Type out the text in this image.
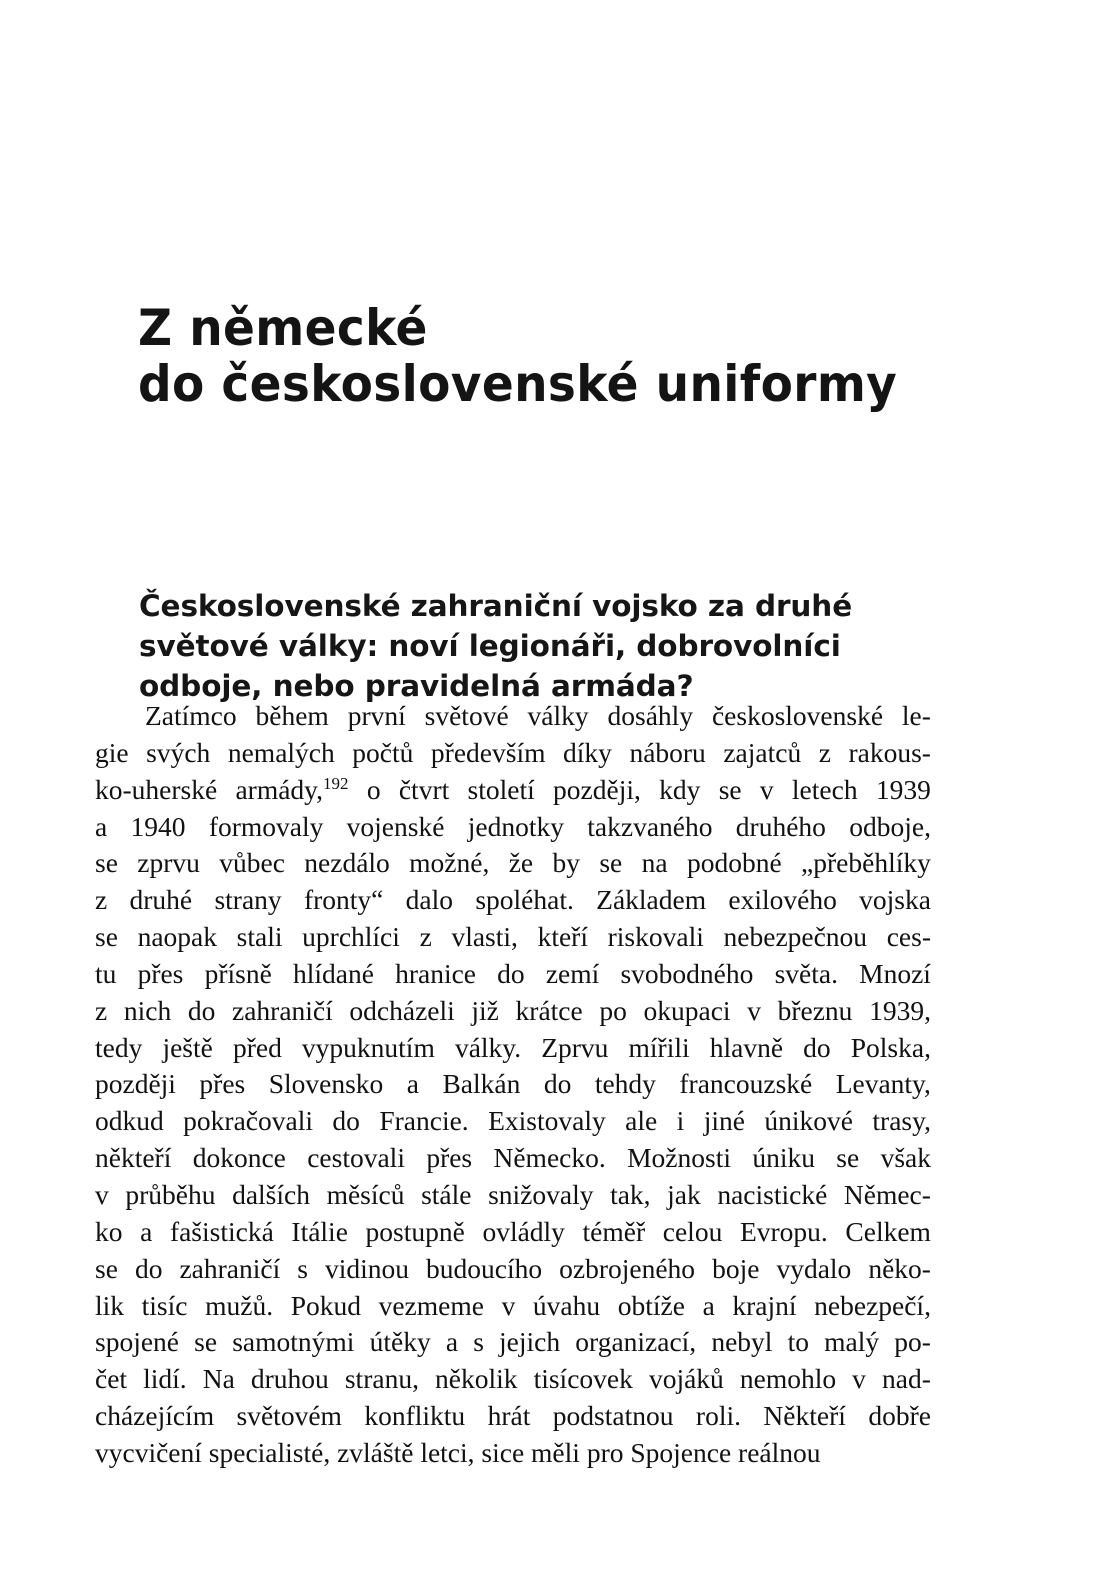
Z německé
do československé uniformy
Československé zahraniční vojsko za druhé
světové války: noví legionáři, dobrovolníci
odboje, nebo pravidelná armáda?
Zatímco během první světové války dosáhly československé le-
gie svých nemalých počtů především díky náboru zajatců z rakous-
ko-uherské armády,$^{192}$ o čtvrt století později, kdy se v letech 1939
a 1940 formovaly vojenské jednotky takzvaného druhého odboje,
se zprvu vůbec nezdálo možné, že by se na podobné „přeběhlíky
z druhé strany fronty“ dalo spoléhat. Základem exilového vojska
se naopak stali uprchlíci z vlasti, kteří riskovali nebezpečnou ces-
tu přes přísně hlídané hranice do zemí svobodného světa. Mnozí
z nich do zahraničí odcházeli již krátce po okupaci v březnu 1939,
tedy ještě před vypuknutím války. Zprvu mířili hlavně do Polska,
později přes Slovensko a Balkán do tehdy francouzské Levanty,
odkud pokračovali do Francie. Existovaly ale i jiné únikové trasy,
někteří dokonce cestovali přes Německo. Možnosti úniku se však
v průběhu dalších měsíců stále snižovaly tak, jak nacistické Němec-
ko a fašistická Itálie postupně ovládly téměř celou Evropu. Celkem
se do zahraničí s vidinou budoucího ozbrojeného boje vydalo něko-
lik tisíc mužů. Pokud vezmeme v úvahu obtíže a krajní nebezpečí,
spojené se samotnými útěky a s jejich organizací, nebyl to malý po-
čet lidí. Na druhou stranu, několik tisícovek vojáků nemohlo v nad-
cházejícím světovém konfliktu hrát podstatnou roli. Někteří dobře
vycvičení specialisté, zvláště letci, sice měli pro Spojence reálnou
